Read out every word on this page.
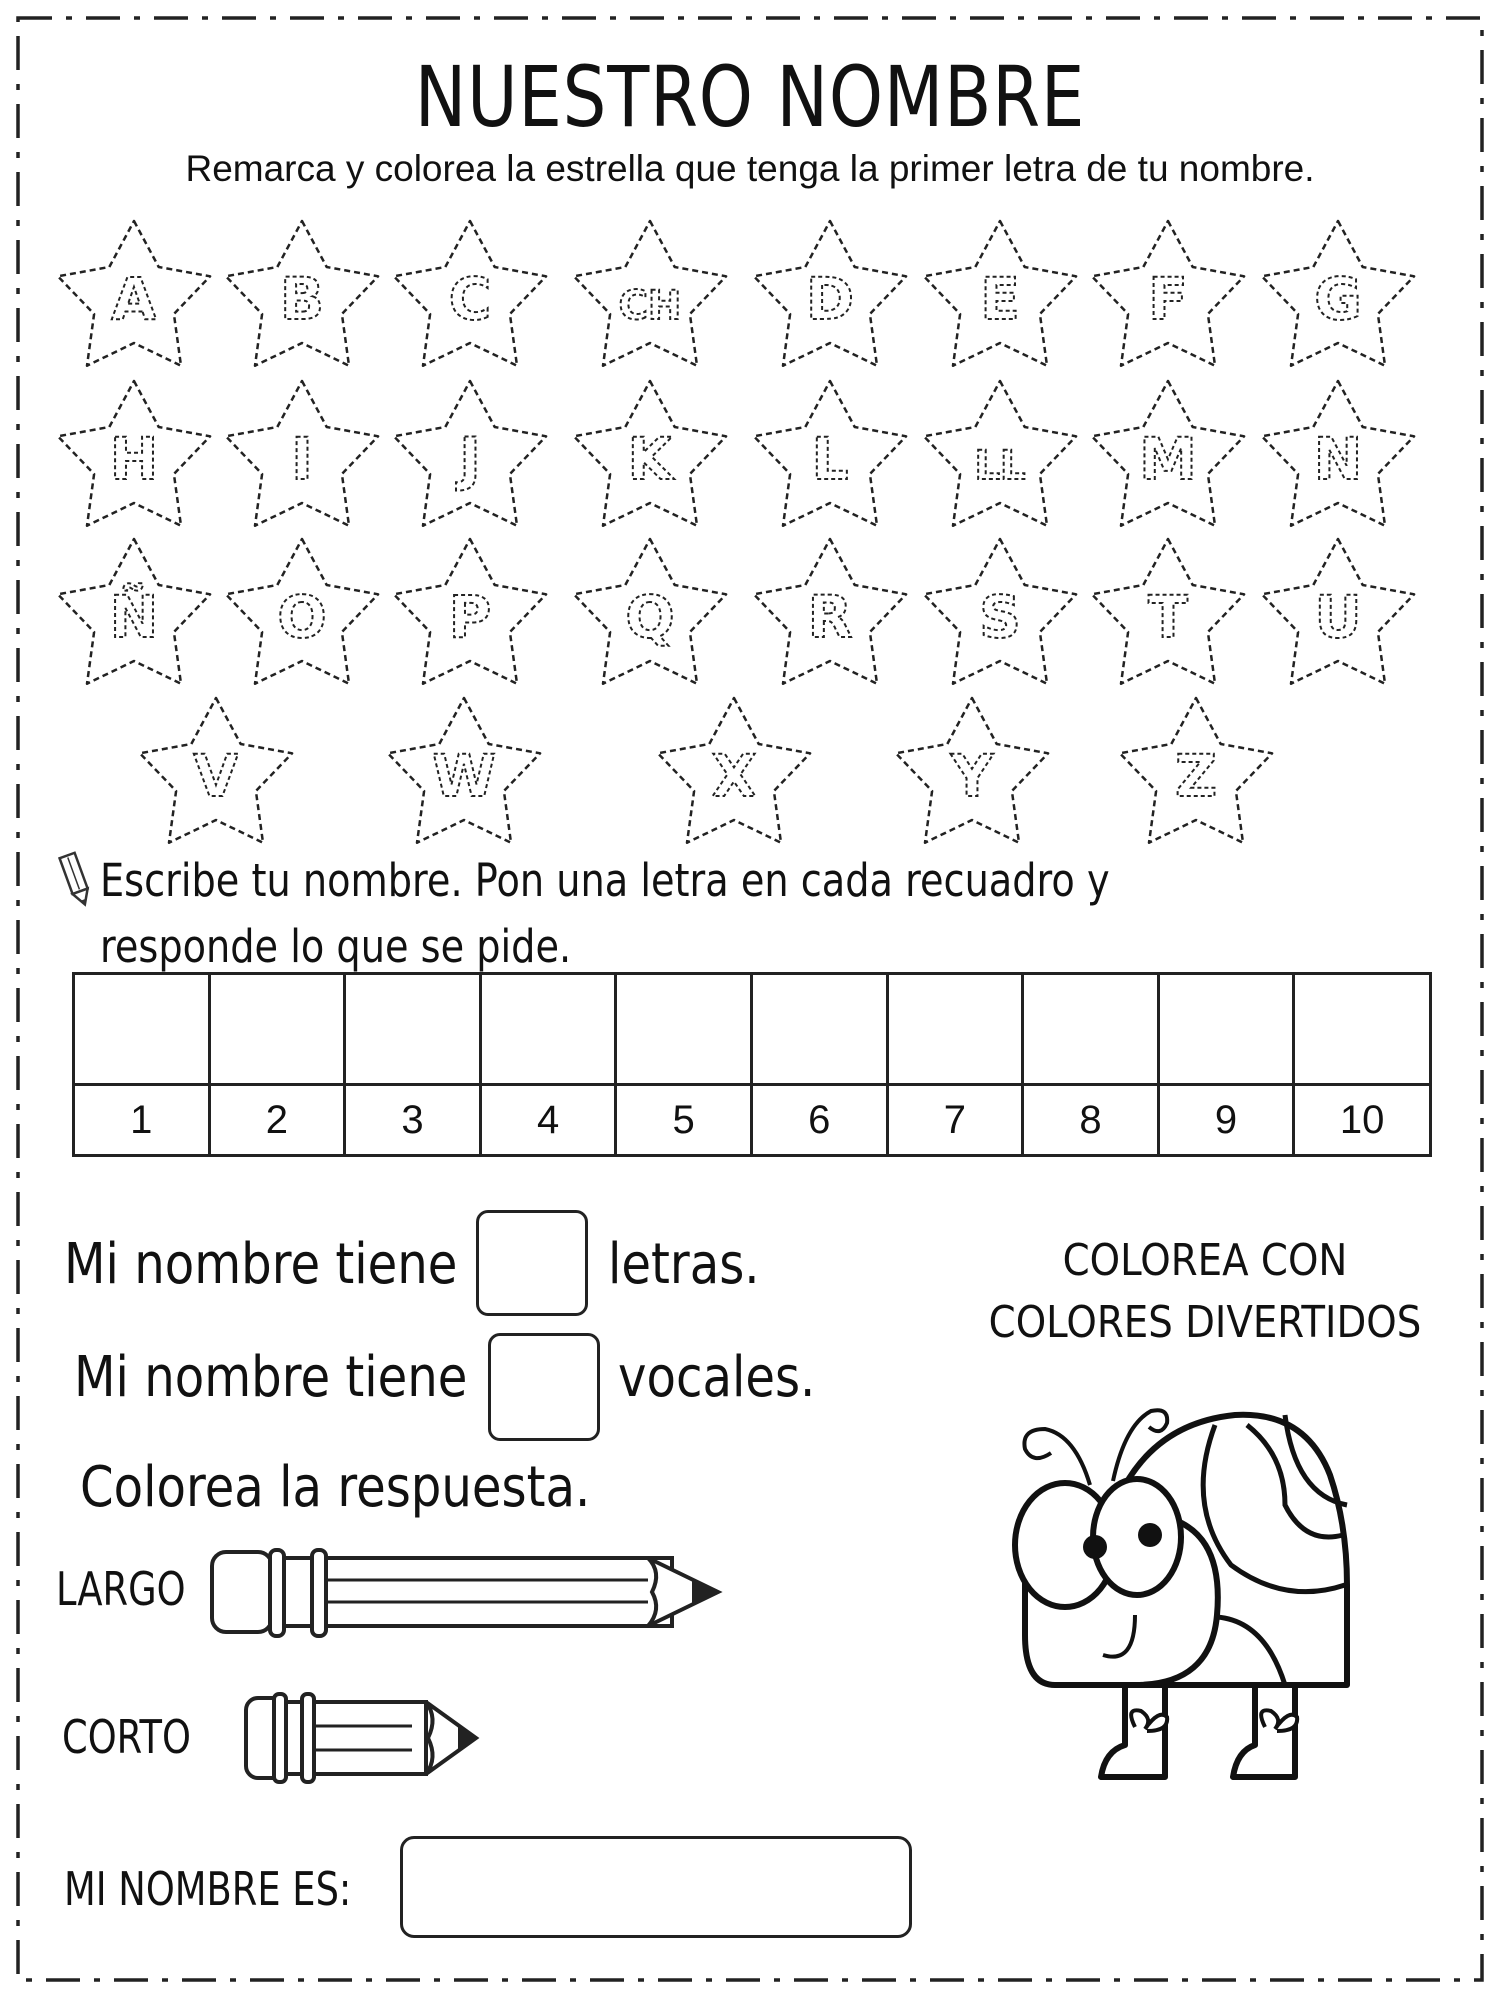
NUESTRO NOMBRE
Remarca y colorea la estrella que tenga la primer letra de tu nombre.
A B C	CH D E F G
H I	J	K L	LL M N
Ñ O P Q R S T U
V	W	X	Y	Z
Escribe tu nombre. Pon una letra en cada recuadro y responde lo que se pide.

1	2	3	4	5	6	7	8	9	10
Mi nombre tiene	letras.
Mi nombre tiene	vocales.
Colorea la respuesta.
LARGO
CORTO
MI NOMBRE ES:
COLOREA CON
COLORES DIVERTIDOS
